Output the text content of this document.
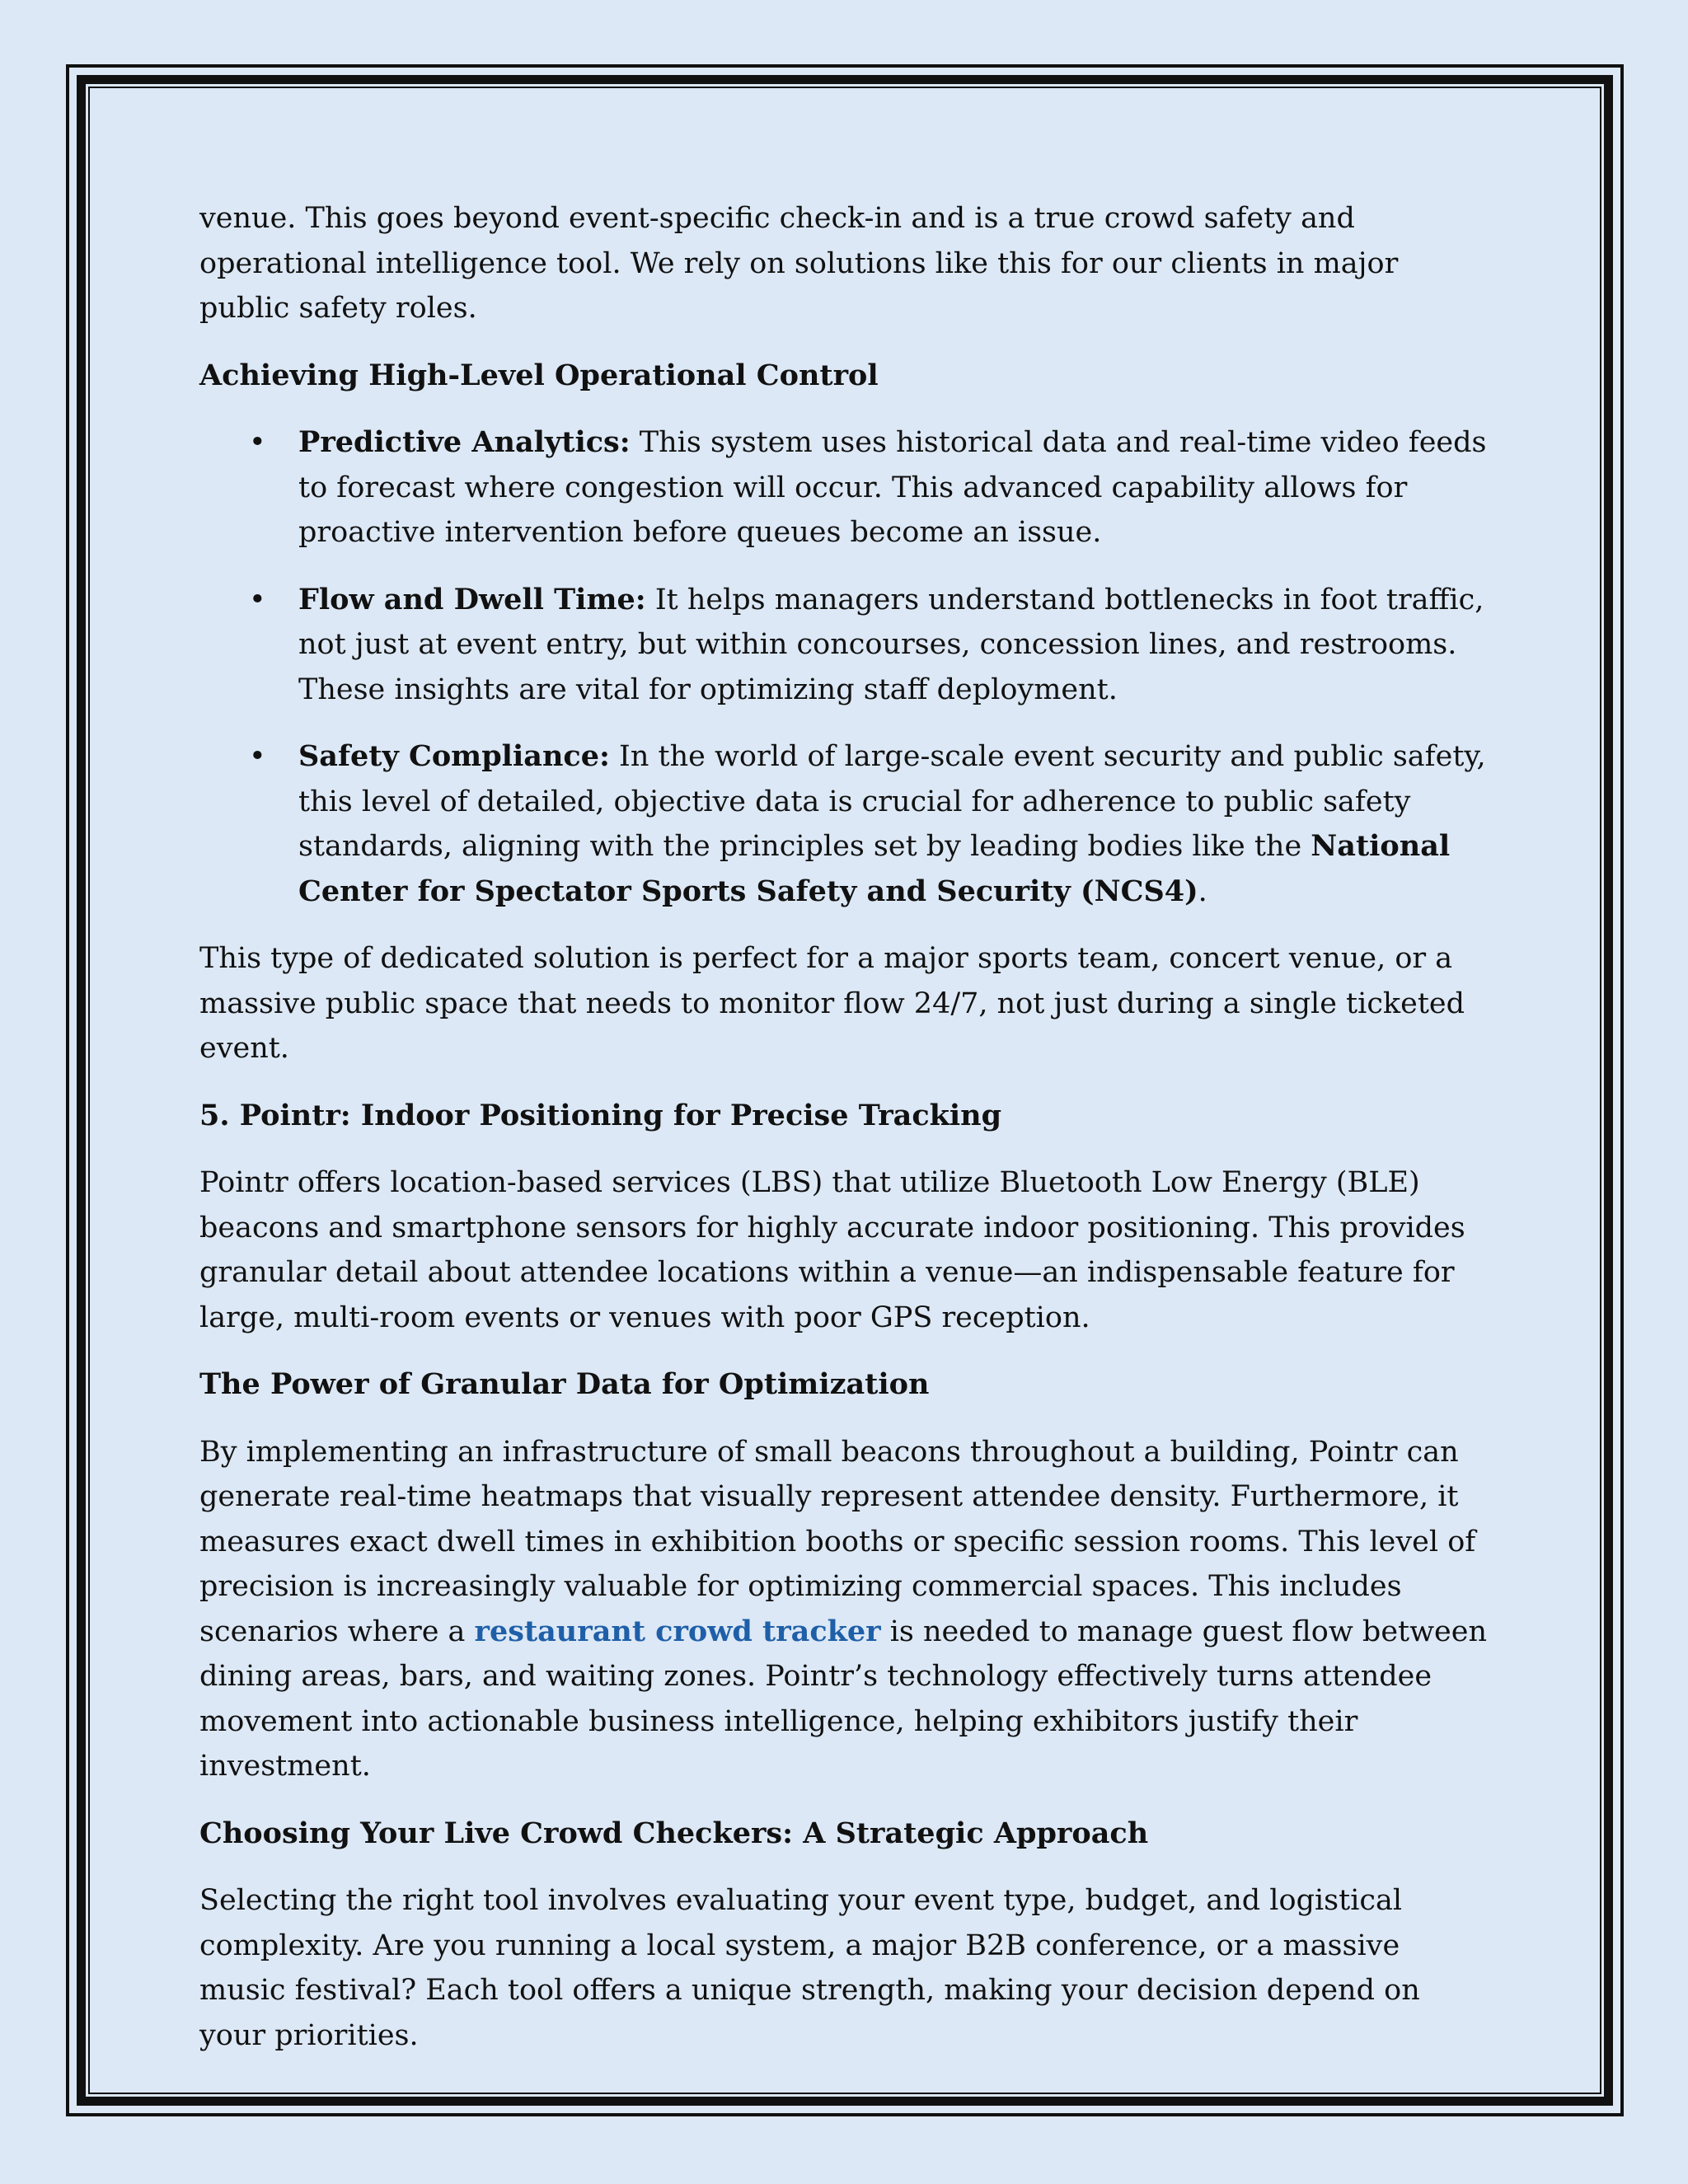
venue. This goes beyond event-specific check-in and is a true crowd safety and operational intelligence tool. We rely on solutions like this for our clients in major public safety roles.

Achieving High-Level Operational Control

• Predictive Analytics: This system uses historical data and real-time video feeds to forecast where congestion will occur. This advanced capability allows for proactive intervention before queues become an issue.
• Flow and Dwell Time: It helps managers understand bottlenecks in foot traffic, not just at event entry, but within concourses, concession lines, and restrooms. These insights are vital for optimizing staff deployment.
• Safety Compliance: In the world of large-scale event security and public safety, this level of detailed, objective data is crucial for adherence to public safety standards, aligning with the principles set by leading bodies like the National Center for Spectator Sports Safety and Security (NCS4).

This type of dedicated solution is perfect for a major sports team, concert venue, or a massive public space that needs to monitor flow 24/7, not just during a single ticketed event.

5. Pointr: Indoor Positioning for Precise Tracking

Pointr offers location-based services (LBS) that utilize Bluetooth Low Energy (BLE) beacons and smartphone sensors for highly accurate indoor positioning. This provides granular detail about attendee locations within a venue—an indispensable feature for large, multi-room events or venues with poor GPS reception.

The Power of Granular Data for Optimization

By implementing an infrastructure of small beacons throughout a building, Pointr can generate real-time heatmaps that visually represent attendee density. Furthermore, it measures exact dwell times in exhibition booths or specific session rooms. This level of precision is increasingly valuable for optimizing commercial spaces. This includes scenarios where a restaurant crowd tracker is needed to manage guest flow between dining areas, bars, and waiting zones. Pointr’s technology effectively turns attendee movement into actionable business intelligence, helping exhibitors justify their investment.

Choosing Your Live Crowd Checkers: A Strategic Approach

Selecting the right tool involves evaluating your event type, budget, and logistical complexity. Are you running a local system, a major B2B conference, or a massive music festival? Each tool offers a unique strength, making your decision depend on your priorities.
